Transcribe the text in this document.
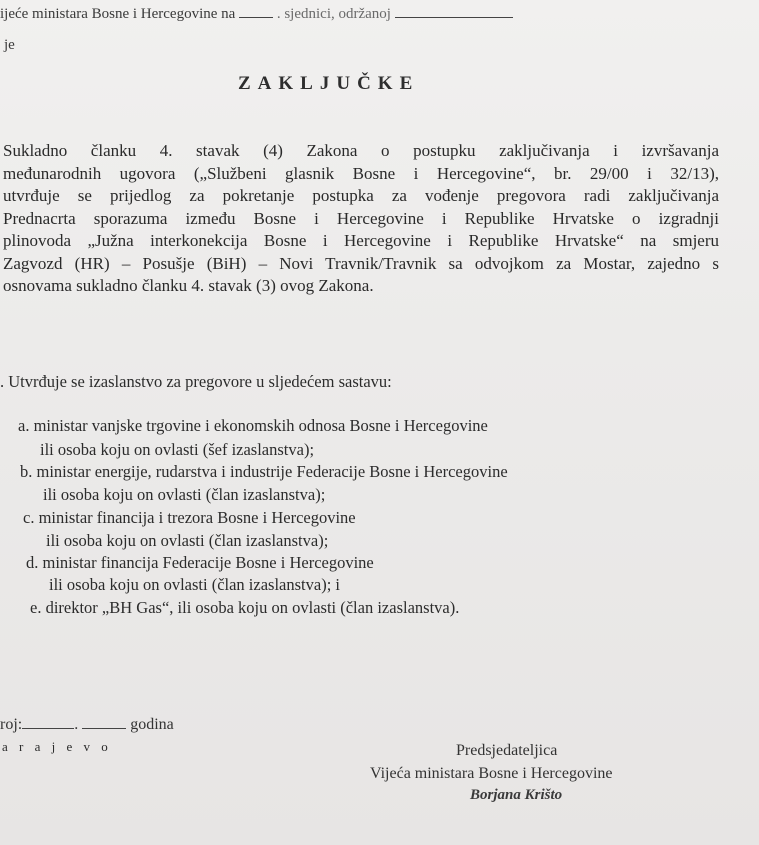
ijeće ministara Bosne i Hercegovine na	. sjednici, održanoj
je
ZAKLJUČKE
Sukladno članku 4. stavak (4) Zakona o postupku zaključivanja i izvršavanja
međunarodnih ugovora („Službeni glasnik Bosne i Hercegovine“, br. 29/00 i 32/13),
utvrđuje se prijedlog za pokretanje postupka za vođenje pregovora radi zaključivanja
Prednacrta sporazuma između Bosne i Hercegovine i Republike Hrvatske o izgradnji
plinovoda „Južna interkonekcija Bosne i Hercegovine i Republike Hrvatske“ na smjeru
Zagvozd (HR) – Posušje (BiH) – Novi Travnik/Travnik sa odvojkom za Mostar, zajedno s
osnovama sukladno članku 4. stavak (3) ovog Zakona.
. Utvrđuje se izaslanstvo za pregovore u sljedećem sastavu:
a. ministar vanjske trgovine i ekonomskih odnosa Bosne i Hercegovine
ili osoba koju on ovlasti (šef izaslanstva);
b. ministar energije, rudarstva i industrije Federacije Bosne i Hercegovine
ili osoba koju on ovlasti (član izaslanstva);
c. ministar financija i trezora Bosne i Hercegovine
ili osoba koju on ovlasti (član izaslanstva);
d. ministar financija Federacije Bosne i Hercegovine
ili osoba koju on ovlasti (član izaslanstva); i
e. direktor „BH Gas“, ili osoba koju on ovlasti (član izaslanstva).
roj:	.	godina
a r a j e v o	Predsjedateljica
Vijeća ministara Bosne i Hercegovine
Borjana Krišto
